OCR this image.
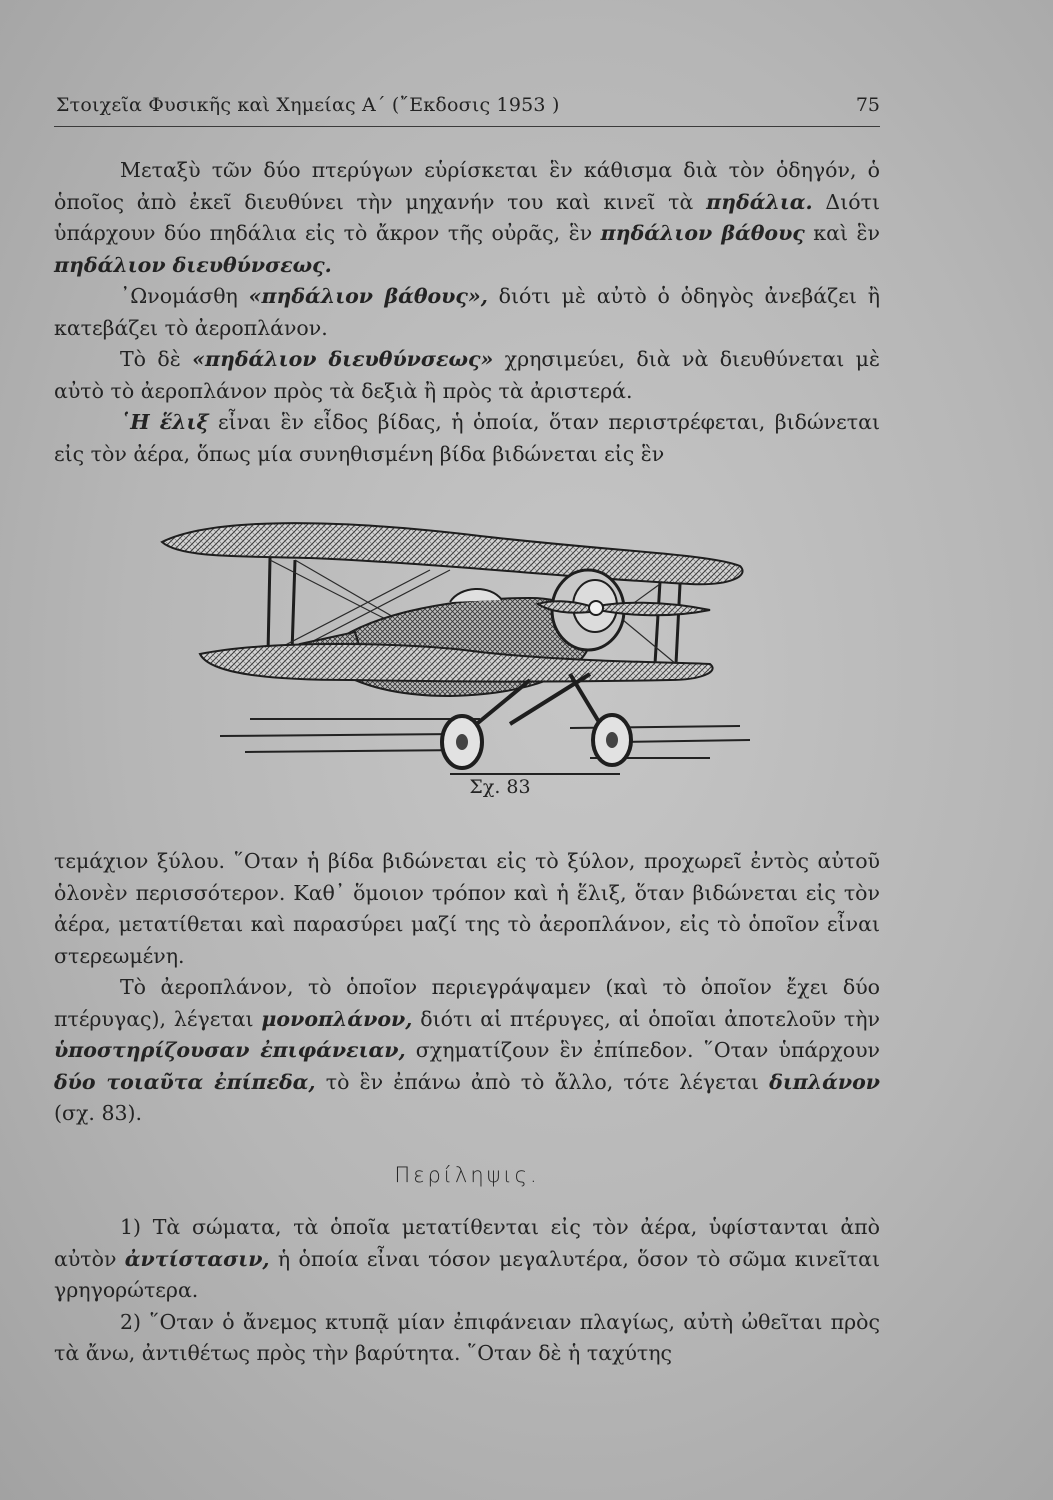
Στοιχεῖα Φυσικῆς καὶ Χημείας Α΄ (῎Εκδοσις 1953 )	75

Μεταξὺ τῶν δύο πτερύγων εὑρίσκεται ἓν κάθισμα διὰ τὸν ὁδηγόν, ὁ ὁποῖος ἀπὸ ἐκεῖ διευθύνει τὴν μηχανήν του καὶ κινεῖ τὰ πηδάλια. Διότι ὑπάρχουν δύο πηδάλια εἰς τὸ ἄκρον τῆς οὐρᾶς, ἓν πηδάλιον βάθους καὶ ἓν πηδάλιον διευθύνσεως.

᾿Ωνομάσθη «πηδάλιον βάθους», διότι μὲ αὐτὸ ὁ ὁδηγὸς ἀνεβάζει ἢ κατεβάζει τὸ ἀεροπλάνον.

Τὸ δὲ «πηδάλιον διευθύνσεως» χρησιμεύει, διὰ νὰ διευθύνεται μὲ αὐτὸ τὸ ἀεροπλάνον πρὸς τὰ δεξιὰ ἢ πρὸς τὰ ἀριστερά.

῾Η ἕλιξ εἶναι ἓν εἶδος βίδας, ἡ ὁποία, ὅταν περιστρέφεται, βιδώνεται εἰς τὸν ἀέρα, ὅπως μία συνηθισμένη βίδα βιδώνεται εἰς ἓν

Σχ. 83

τεμάχιον ξύλου. ῞Οταν ἡ βίδα βιδώνεται εἰς τὸ ξύλον, προχωρεῖ ἐντὸς αὐτοῦ ὁλονὲν περισσότερον. Καθ᾽ ὅμοιον τρόπον καὶ ἡ ἕλιξ, ὅταν βιδώνεται εἰς τὸν ἀέρα, μετατίθεται καὶ παρασύρει μαζί της τὸ ἀεροπλάνον, εἰς τὸ ὁποῖον εἶναι στερεωμένη.

Τὸ ἀεροπλάνον, τὸ ὁποῖον περιεγράψαμεν (καὶ τὸ ὁποῖον ἔχει δύο πτέρυγας), λέγεται μονοπλάνον, διότι αἱ πτέρυγες, αἱ ὁποῖαι ἀποτελοῦν τὴν ὑποστηρίζουσαν ἐπιφάνειαν, σχηματίζουν ἓν ἐπίπεδον. ῞Οταν ὑπάρχουν δύο τοιαῦτα ἐπίπεδα, τὸ ἓν ἐπάνω ἀπὸ τὸ ἄλλο, τότε λέγεται διπλάνον (σχ. 83).

Περίληψις.

1) Τὰ σώματα, τὰ ὁποῖα μετατίθενται εἰς τὸν ἀέρα, ὑφίστανται ἀπὸ αὐτὸν ἀντίστασιν, ἡ ὁποία εἶναι τόσον μεγαλυτέρα, ὅσον τὸ σῶμα κινεῖται γρηγορώτερα.

2) ῞Οταν ὁ ἄνεμος κτυπᾷ μίαν ἐπιφάνειαν πλαγίως, αὐτὴ ὠθεῖται πρὸς τὰ ἄνω, ἀντιθέτως πρὸς τὴν βαρύτητα. ῞Οταν δὲ ἡ ταχύτης
